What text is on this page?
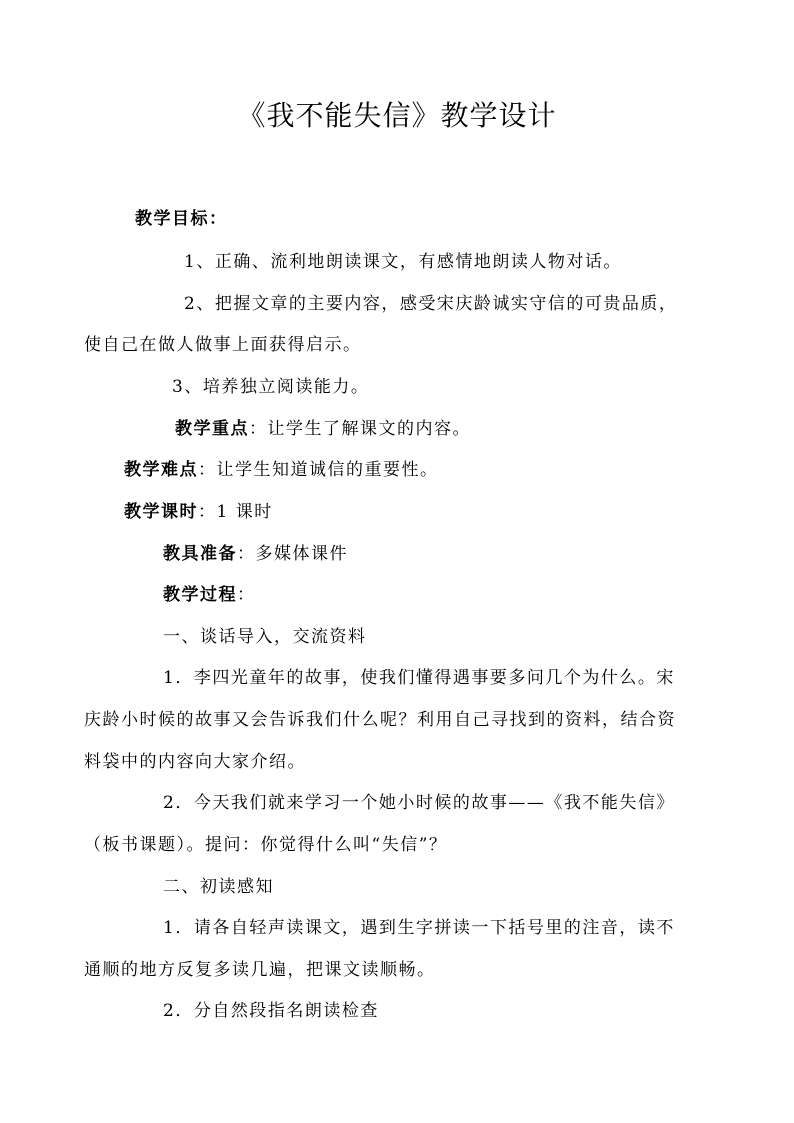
《我不能失信》教学设计
教学目标：
1、正确、流利地朗读课文，有感情地朗读人物对话。
2、把握文章的主要内容，感受宋庆龄诚实守信的可贵品质，
使自己在做人做事上面获得启示。
3、培养独立阅读能力。
教学重点：让学生了解课文的内容。
教学难点：让学生知道诚信的重要性。
教学课时：1 课时
教具准备：多媒体课件
教学过程：
一、谈话导入，交流资料
1．李四光童年的故事，使我们懂得遇事要多问几个为什么。宋
庆龄小时候的故事又会告诉我们什么呢？利用自己寻找到的资料，结合资
料袋中的内容向大家介绍。
2．今天我们就来学习一个她小时候的故事——《我不能失信》
（板书课题）。提问：你觉得什么叫“失信”？
二、初读感知
1．请各自轻声读课文，遇到生字拼读一下括号里的注音，读不
通顺的地方反复多读几遍，把课文读顺畅。
2．分自然段指名朗读检查
